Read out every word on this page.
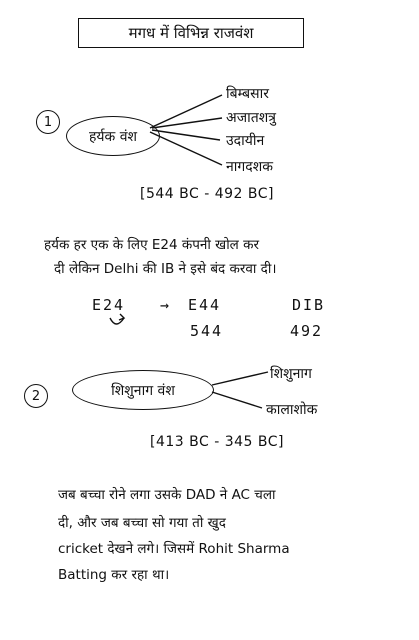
मगध में विभिन्न राजवंश
1
हर्यक वंश
बिम्बसार
अजातशत्रु
उदायीन
नागदशक
[544 BC - 492 BC]
हर्यक हर एक के लिए E24 कंपनी खोल कर
दी लेकिन Delhi की IB ने इसे बंद करवा दी।
E24 → E44	DIB
544	492
2	शिशुनाग वंश
शिशुनाग
कालाशोक
[413 BC - 345 BC]
जब बच्चा रोने लगा उसके DAD ने AC चला
दी, और जब बच्चा सो गया तो खुद
cricket देखने लगे। जिसमें Rohit Sharma
Batting कर रहा था।
